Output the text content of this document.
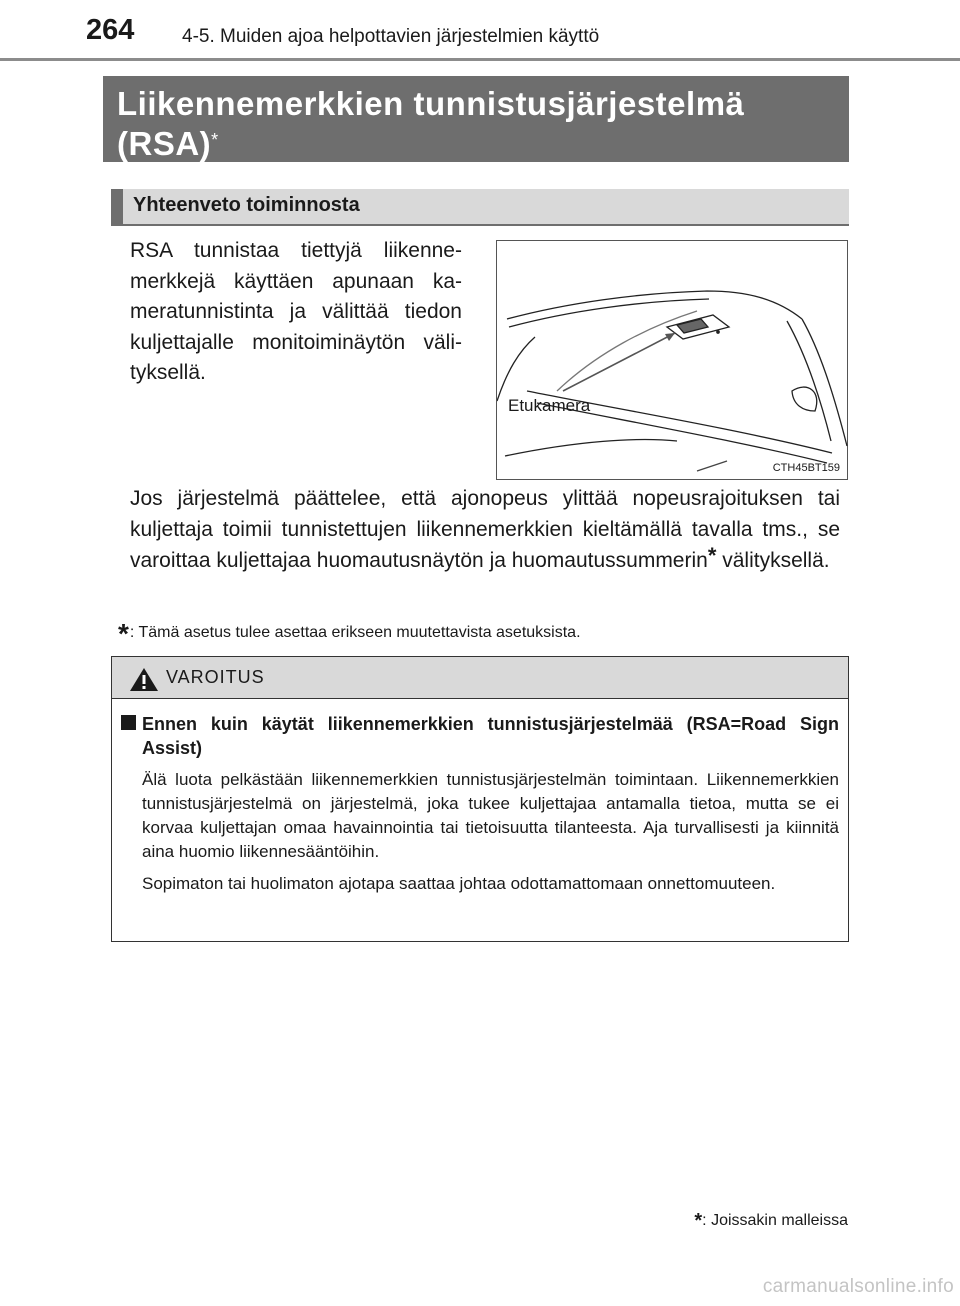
264	4-5. Muiden ajoa helpottavien järjestelmien käyttö
Liikennemerkkien tunnistusjärjestelmä
(RSA)*
Yhteenveto toiminnosta

RSA tunnistaa tiettyjä liikennemerkkejä käyttäen apunaan kameratunnistinta ja välittää tiedon kuljettajalle monitoiminäytön välityksellä.

Etukamera
CTH45BT159

Jos järjestelmä päättelee, että ajonopeus ylittää nopeusrajoituksen tai kuljettaja toimii tunnistettujen liikennemerkkien kieltämällä tavalla tms., se varoittaa kuljettajaa huomautusnäytön ja huomautussummerin* välityksellä.

*: Tämä asetus tulee asettaa erikseen muutettavista asetuksista.
VAROITUS

Ennen kuin käytät liikennemerkkien tunnistusjärjestelmää (RSA=Road Sign Assist)

Älä luota pelkästään liikennemerkkien tunnistusjärjestelmän toimintaan. Liikennemerkkien tunnistusjärjestelmä on järjestelmä, joka tukee kuljettajaa antamalla tietoa, mutta se ei korvaa kuljettajan omaa havainnointia tai tietoisuutta tilanteesta. Aja turvallisesti ja kiinnitä aina huomio liikennesääntöihin.

Sopimaton tai huolimaton ajotapa saattaa johtaa odottamattomaan onnettomuuteen.

*: Joissakin malleissa
carmanualsonline.info
